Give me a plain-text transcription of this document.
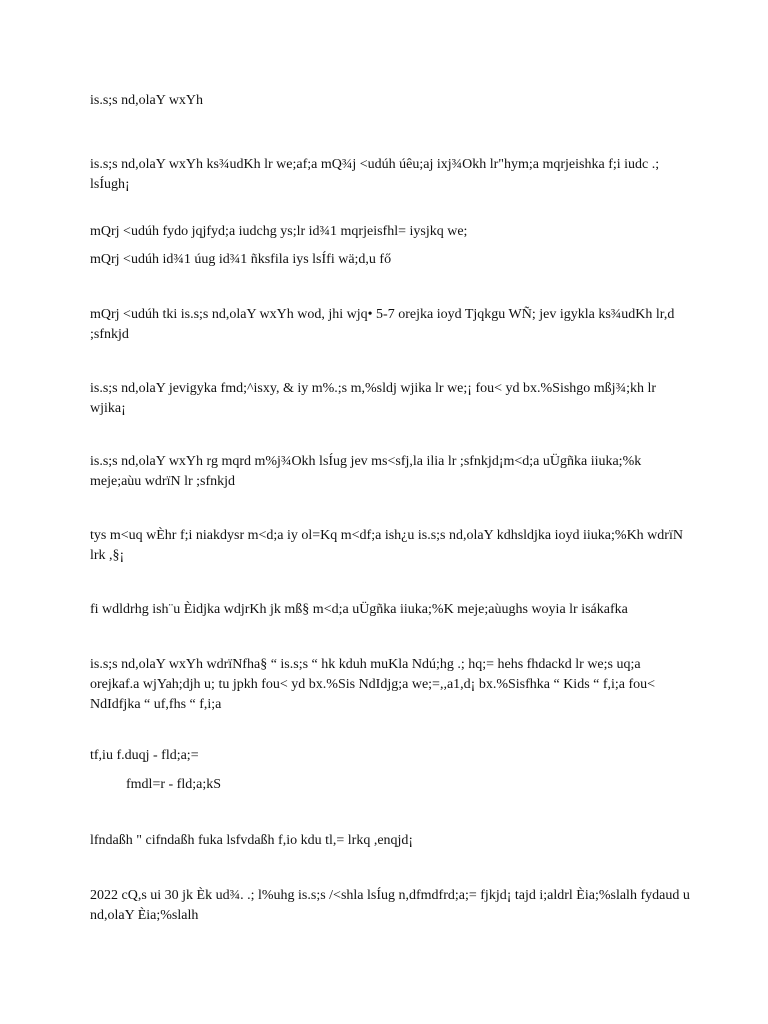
is.s;s nd,olaY wxYh

is.s;s nd,olaY wxYh ks¾udKh lr we;af;a mQ¾j <udúh úêu;aj ixj¾Okh lr"hym;a mqrjeishka f;i iudc .; lsÍugh¡

mQrj <udúh fydo jqjfyd;a iudchg ys;lr id¾1 mqrjeisfhl= iysjkq we;

mQrj <udúh id¾1 úug id¾1 ñksfila iys lsÍfi wä;d,u fő

mQrj <udúh tki is.s;s nd,olaY wxYh wod, jhi wjq• 5-7 orejka ioyd Tjqkgu WÑ; jev igykla ks¾udKh lr,d ;sfnkjd

is.s;s nd,olaY jevigyka fmd;^isxy, & iy m%.;s m,%sldj wjika lr we;¡ fou< yd bx.%Sishgo mßj¾;kh lr wjika¡

is.s;s nd,olaY wxYh rg mqrd m%j¾Okh lsÍug jev ms<sfj,la ilia lr ;sfnkjd¡m<d;a uÜgñka iiuka;%k meje;aùu wdrïN lr ;sfnkjd

tys m<uq wÈhr f;i niakdysr m<d;a iy ol=Kq m<df;a ish¿u is.s;s nd,olaY kdhsldjka ioyd iiuka;%Kh wdrïN lrk ,§¡

fi wdldrhg ish¨u Èidjka wdjrKh jk mß§ m<d;a uÜgñka iiuka;%K meje;aùughs woyia lr isákafka

is.s;s nd,olaY wxYh wdrïNfha§ “ is.s;s “ hk kduh muKla Ndú;hg .; hq;= hehs fhdackd lr we;s uq;a orejkaf.a wjYah;djh u; tu jpkh fou< yd bx.%Sis NdIdjg;a we;=,,a1,d¡ bx.%Sisfhka “ Kids “ f,i;a fou< NdIdfjka “ uf,fhs “ f,i;a

tf,iu f.duqj - fld;a;=

fmdl=r - fld;a;kS

lfndaßh " cifndaßh fuka lsfvdaßh f,io kdu tl,= lrkq ,enqjd¡

2022 cQ,s ui 30 jk Èk ud¾. .; l%uhg is.s;s /<shla lsÍug n,dfmdfrd;a;= fjkjd¡ tajd i;aldrl Èia;%slalh fydaud u nd,olaY Èia;%slalh
